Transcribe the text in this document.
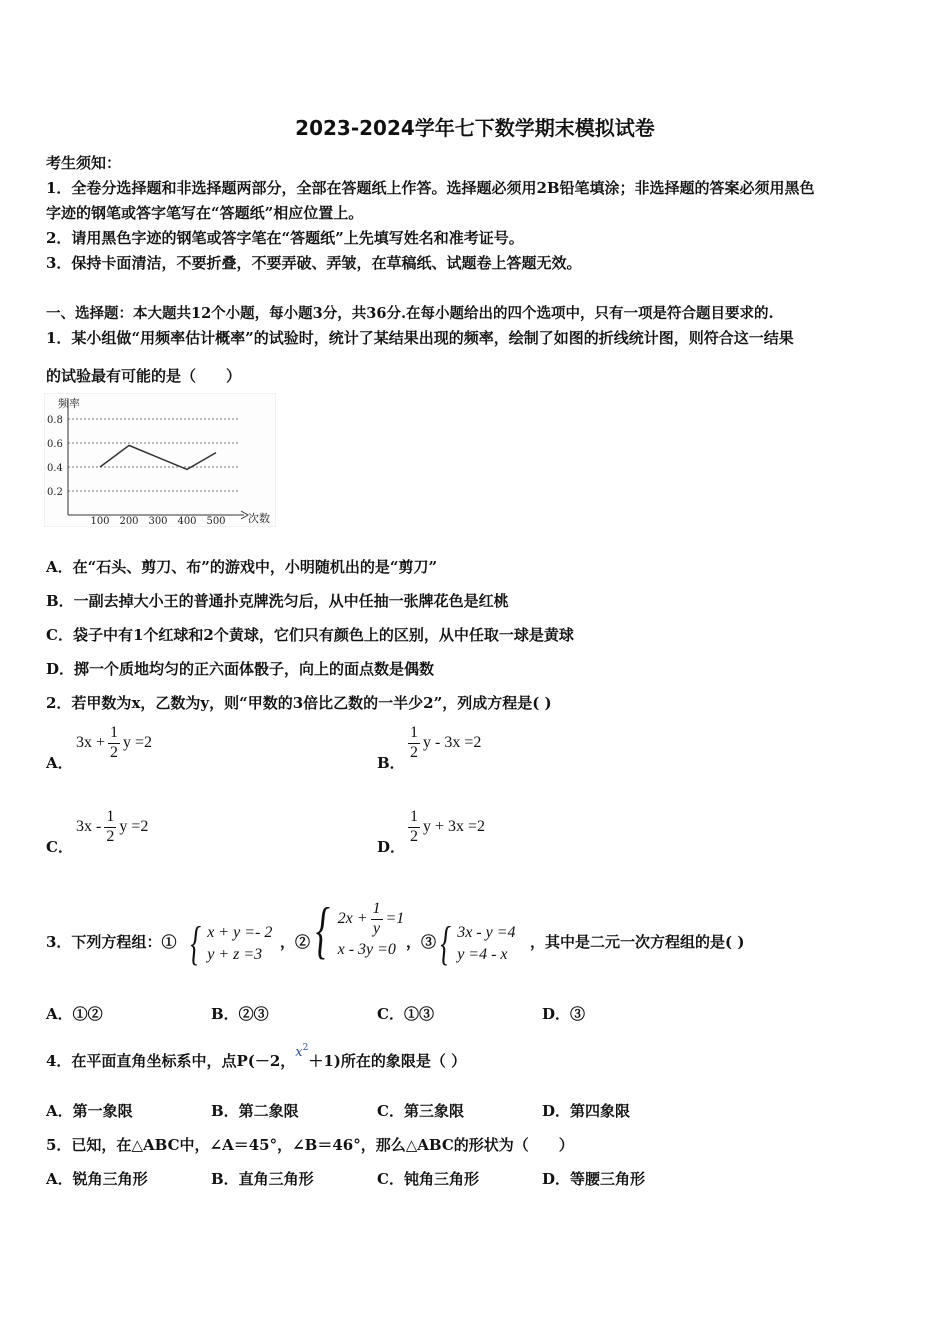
2023-2024学年七下数学期末模拟试卷
考生须知：
1．全卷分选择题和非选择题两部分，全部在答题纸上作答。选择题必须用2B铅笔填涂；非选择题的答案必须用黑色
字迹的钢笔或答字笔写在“答题纸”相应位置上。
2．请用黑色字迹的钢笔或答字笔在“答题纸”上先填写姓名和准考证号。
3．保持卡面清洁，不要折叠，不要弄破、弄皱，在草稿纸、试题卷上答题无效。
一、选择题：本大题共12个小题，每小题3分，共36分.在每小题给出的四个选项中，只有一项是符合题目要求的.
1．某小组做“用频率估计概率”的试验时，统计了某结果出现的频率，绘制了如图的折线统计图，则符合这一结果
的试验最有可能的是（　　）
频率
次数
0.8
0.6
0.4
0.2
100 200 300 400 500
A．在“石头、剪刀、布”的游戏中，小明随机出的是“剪刀”
B．一副去掉大小王的普通扑克牌洗匀后，从中任抽一张牌花色是红桃
C．袋子中有1个红球和2个黄球，它们只有颜色上的区别，从中任取一球是黄球
D．掷一个质地均匀的正六面体骰子，向上的面点数是偶数
2．若甲数为x，乙数为y，则“甲数的3倍比乙数的一半少2”，列成方程是( )
A．
$3x + \frac{1}{2}$ y =2
B．
$\frac{1}{2}$ y - 3x =2
C．
$3x - \frac{1}{2}$ y =2
D．
$\frac{1}{2}$ y + 3x =2
3．下列方程组：① { x + y =- 2
y + z =3
，② { $2x + \frac{1}{y} =1$
x - 3y =0 ，③ { 3x - y =4
y =4 - x
，其中是二元一次方程组的是( )
A．①②	B．②③	C．①③	D．③
4．在平面直角坐标系中，点P(－2，$x^2+1$)所在的象限是（ ）
A．第一象限	B．第二象限	C．第三象限	D．第四象限
5．已知，在△ABC中，∠A＝45°，∠B＝46°，那么△ABC的形状为（　　）
A．锐角三角形	B．直角三角形	C．钝角三角形	D．等腰三角形
